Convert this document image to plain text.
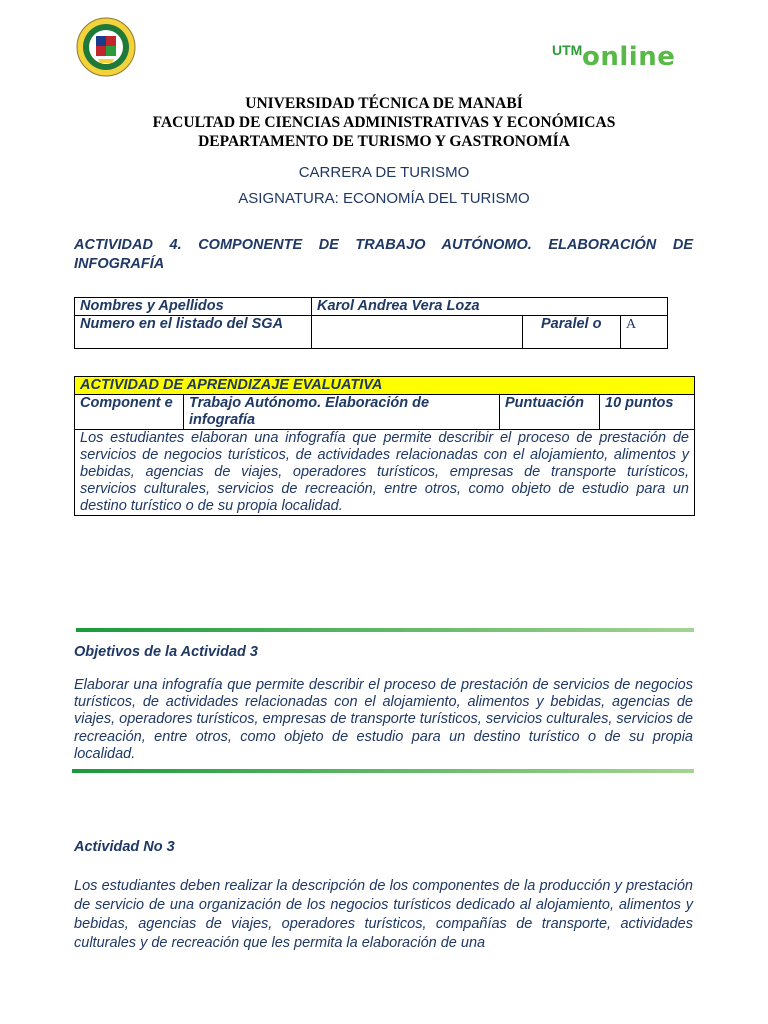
UTM online
UNIVERSIDAD TÉCNICA DE MANABÍ
FACULTAD DE CIENCIAS ADMINISTRATIVAS Y ECONÓMICAS
DEPARTAMENTO DE TURISMO Y GASTRONOMÍA
CARRERA DE TURISMO
ASIGNATURA: ECONOMÍA DEL TURISMO
ACTIVIDAD 4. COMPONENTE DE TRABAJO AUTÓNOMO. ELABORACIÓN DE
INFOGRAFÍA
Nombres y Apellidos	Karol Andrea Vera Loza		
Numero en el listado del SGA		Paralel o	A
ACTIVIDAD DE APRENDIZAJE EVALUATIVA
Component e	Trabajo Autónomo. Elaboración de infografía	Puntuación	10 puntos
Los estudiantes elaboran una infografía que permite describir el proceso de prestación de servicios de negocios turísticos, de actividades relacionadas con el alojamiento, alimentos y bebidas, agencias de viajes, operadores turísticos, empresas de transporte turísticos, servicios culturales, servicios de recreación, entre otros, como objeto de estudio para un destino turístico o de su propia localidad.
Objetivos de la Actividad 3
Elaborar una infografía que permite describir el proceso de prestación de servicios de negocios turísticos, de actividades relacionadas con el alojamiento, alimentos y bebidas, agencias de viajes, operadores turísticos, empresas de transporte turísticos, servicios culturales, servicios de recreación, entre otros, como objeto de estudio para un destino turístico o de su propia localidad.
Actividad No 3
Los estudiantes deben realizar la descripción de los componentes de la producción y prestación de servicio de una organización de los negocios turísticos dedicado al alojamiento, alimentos y bebidas, agencias de viajes, operadores turísticos, compañías de transporte, actividades culturales y de recreación que les permita la elaboración de una
